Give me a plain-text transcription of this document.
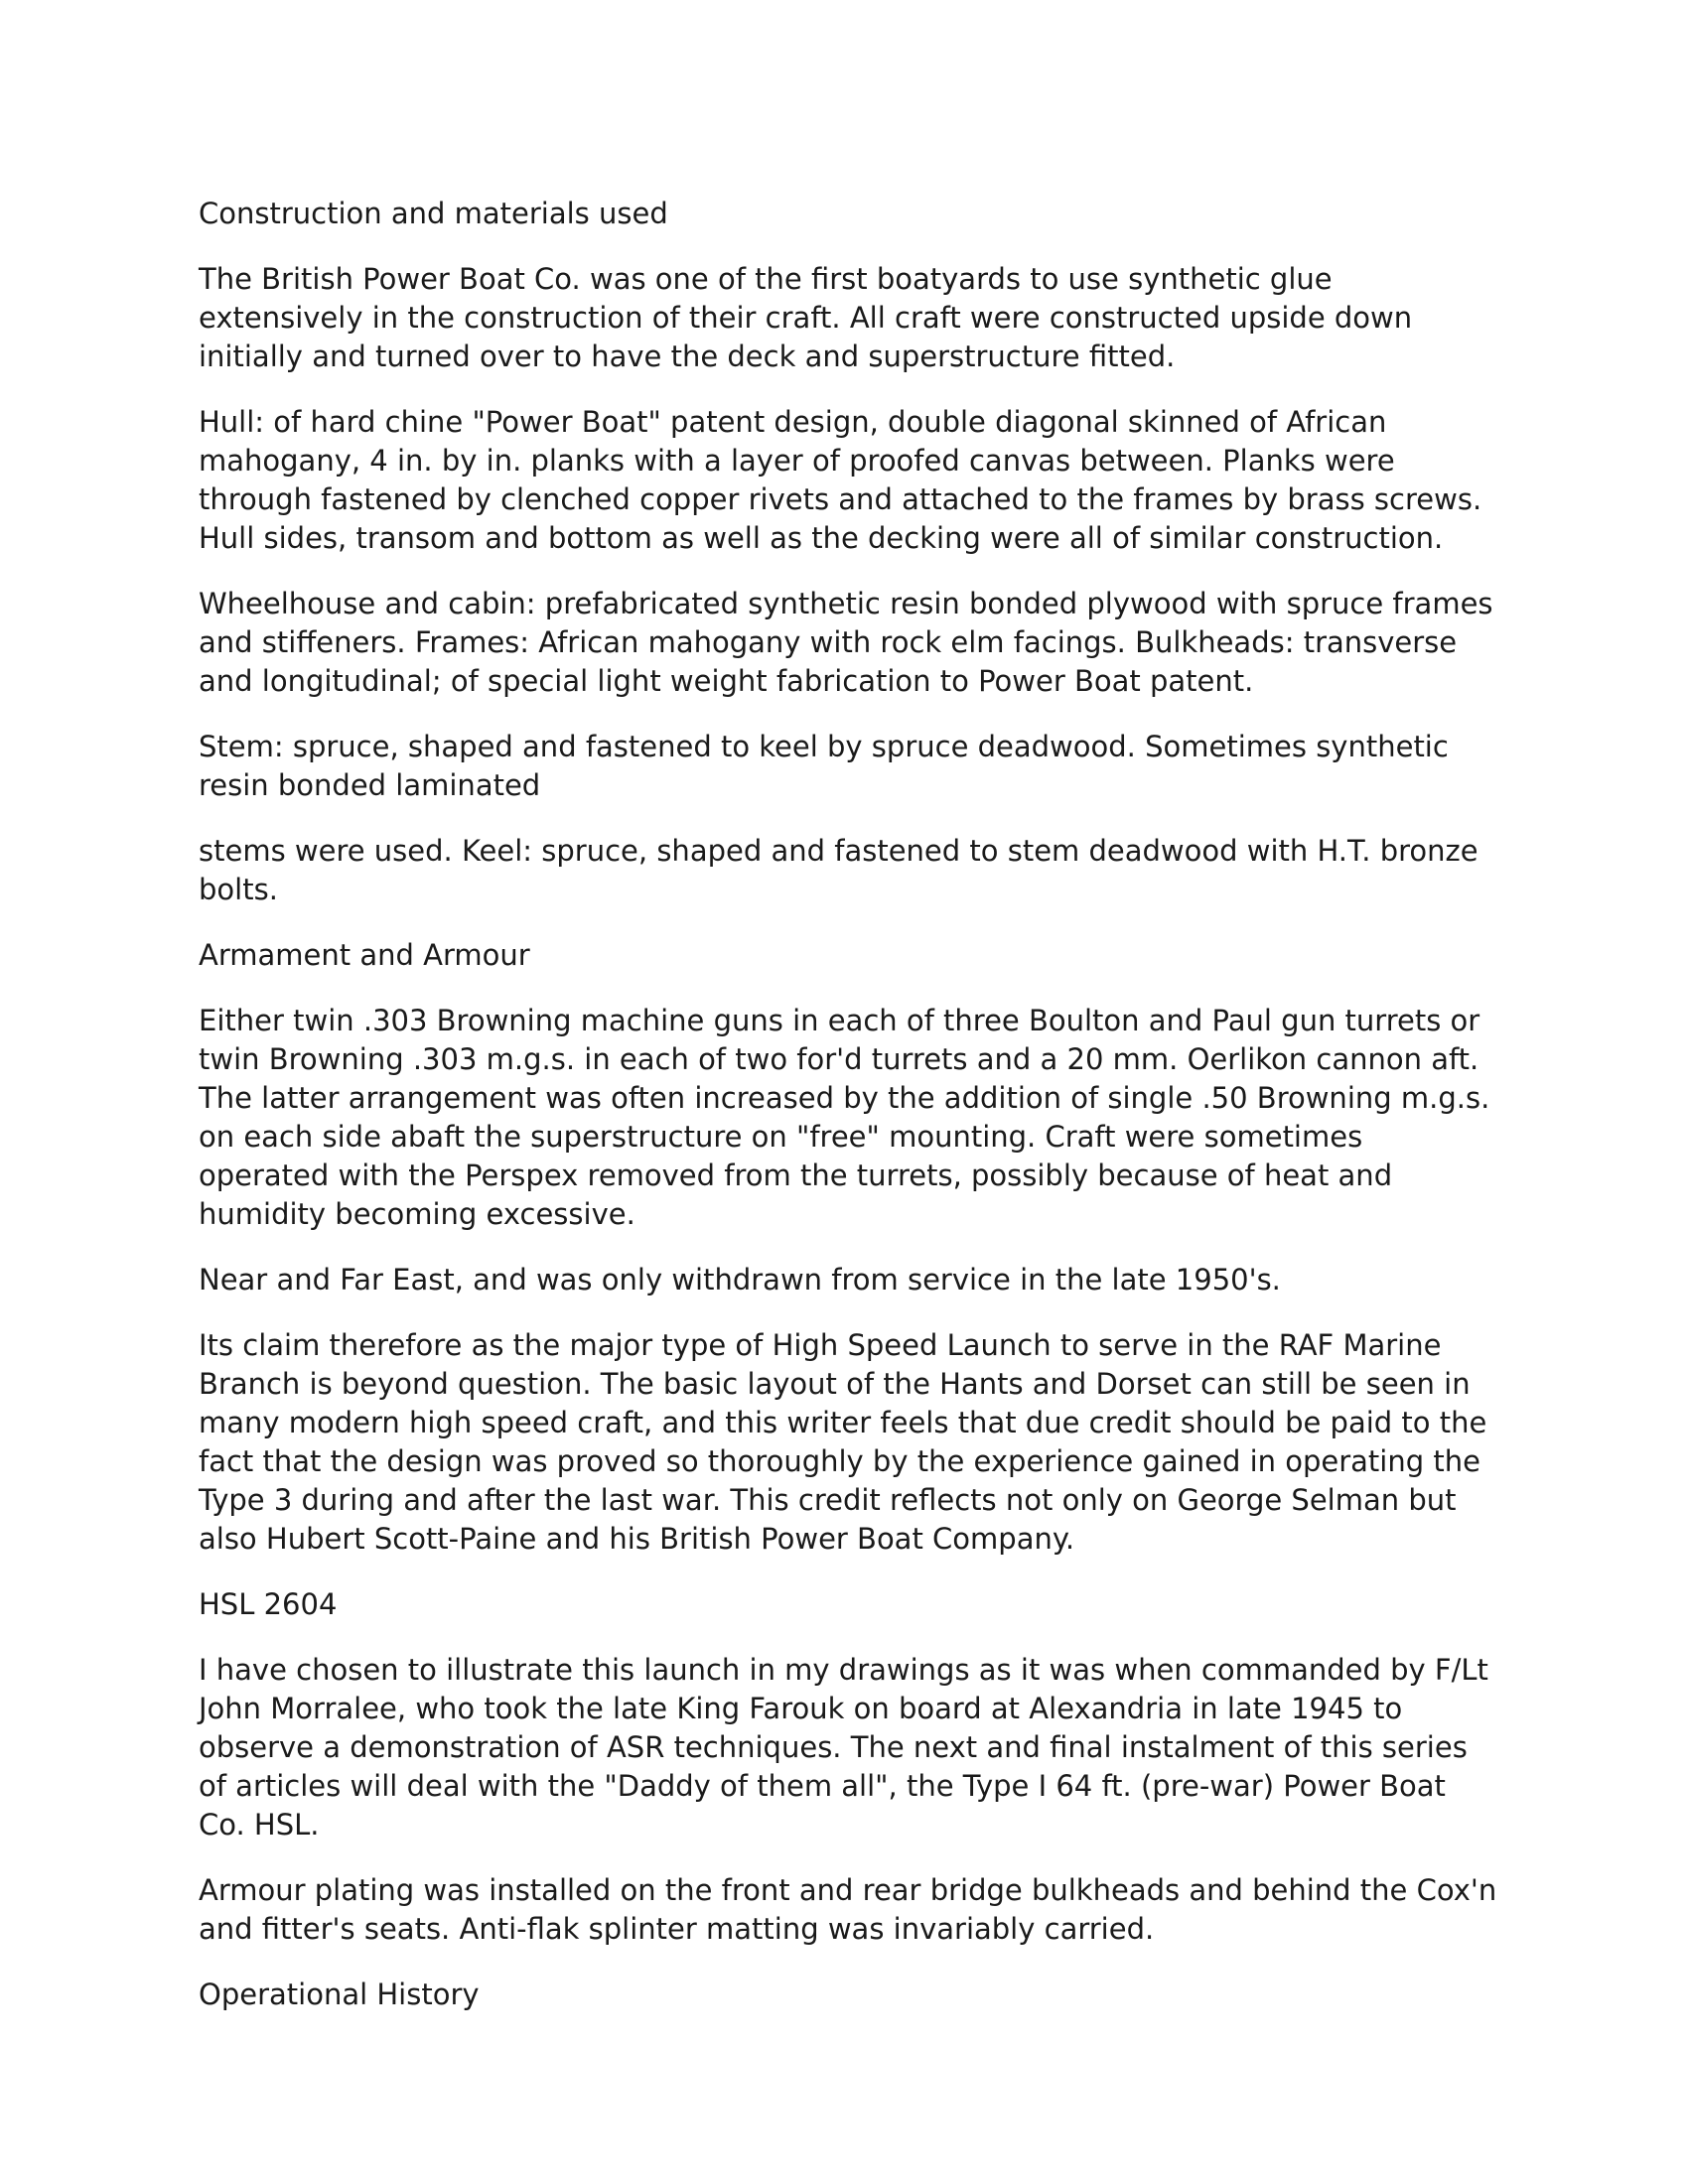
Construction and materials used

The British Power Boat Co. was one of the first boatyards to use synthetic glue extensively in the construction of their craft. All craft were constructed upside down initially and turned over to have the deck and superstructure fitted.

Hull: of hard chine "Power Boat" patent design, double diagonal skinned of African mahogany, 4 in. by in. planks with a layer of proofed canvas between. Planks were through fastened by clenched copper rivets and attached to the frames by brass screws. Hull sides, transom and bottom as well as the decking were all of similar construction.

Wheelhouse and cabin: prefabricated synthetic resin bonded plywood with spruce frames and stiffeners. Frames: African mahogany with rock elm facings. Bulkheads: transverse and longitudinal; of special light weight fabrication to Power Boat patent.

Stem: spruce, shaped and fastened to keel by spruce deadwood. Sometimes synthetic resin bonded laminated

stems were used. Keel: spruce, shaped and fastened to stem deadwood with H.T. bronze bolts.

Armament and Armour

Either twin .303 Browning machine guns in each of three Boulton and Paul gun turrets or twin Browning .303 m.g.s. in each of two for'd turrets and a 20 mm. Oerlikon cannon aft. The latter arrangement was often increased by the addition of single .50 Browning m.g.s. on each side abaft the superstructure on "free" mounting. Craft were sometimes operated with the Perspex removed from the turrets, possibly because of heat and humidity becoming excessive.

Near and Far East, and was only withdrawn from service in the late 1950's.

Its claim therefore as the major type of High Speed Launch to serve in the RAF Marine Branch is beyond question. The basic layout of the Hants and Dorset can still be seen in many modern high speed craft, and this writer feels that due credit should be paid to the fact that the design was proved so thoroughly by the experience gained in operating the Type 3 during and after the last war. This credit reflects not only on George Selman but also Hubert Scott-Paine and his British Power Boat Company.

HSL 2604

I have chosen to illustrate this launch in my drawings as it was when commanded by F/Lt John Morralee, who took the late King Farouk on board at Alexandria in late 1945 to observe a demonstration of ASR techniques. The next and final instalment of this series of articles will deal with the "Daddy of them all", the Type I 64 ft. (pre-war) Power Boat Co. HSL.

Armour plating was installed on the front and rear bridge bulkheads and behind the Cox'n and fitter's seats. Anti-flak splinter matting was invariably carried.

Operational History
